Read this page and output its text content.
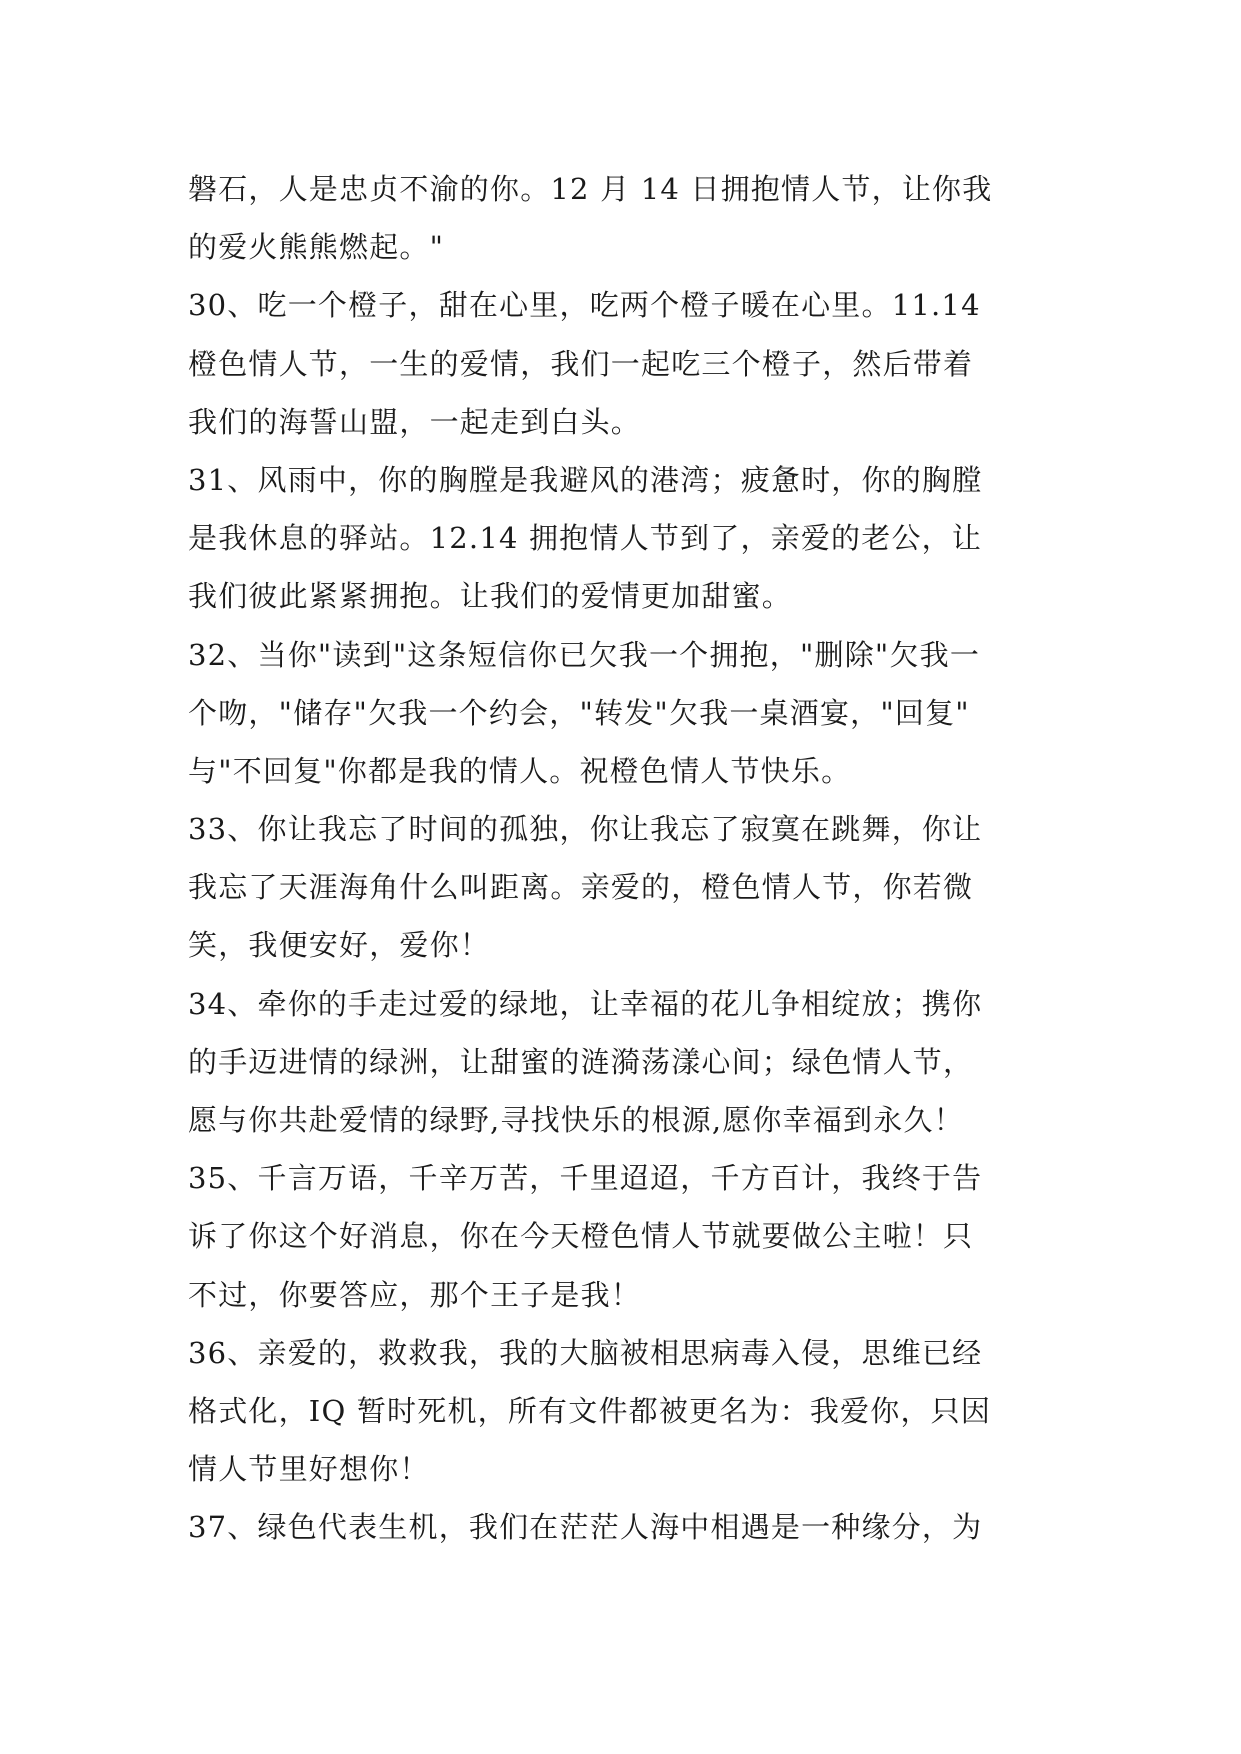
磐石，人是忠贞不渝的你。12 月 14 日拥抱情人节，让你我
的爱火熊熊燃起。"
30、吃一个橙子，甜在心里，吃两个橙子暖在心里。11.14
橙色情人节，一生的爱情，我们一起吃三个橙子，然后带着
我们的海誓山盟，一起走到白头。
31、风雨中，你的胸膛是我避风的港湾；疲惫时，你的胸膛
是我休息的驿站。12.14 拥抱情人节到了，亲爱的老公，让
我们彼此紧紧拥抱。让我们的爱情更加甜蜜。
32、当你"读到"这条短信你已欠我一个拥抱，"删除"欠我一
个吻，"储存"欠我一个约会，"转发"欠我一桌酒宴，"回复"
与"不回复"你都是我的情人。祝橙色情人节快乐。
33、你让我忘了时间的孤独，你让我忘了寂寞在跳舞，你让
我忘了天涯海角什么叫距离。亲爱的，橙色情人节，你若微
笑，我便安好，爱你！
34、牵你的手走过爱的绿地，让幸福的花儿争相绽放；携你
的手迈进情的绿洲，让甜蜜的涟漪荡漾心间；绿色情人节，
愿与你共赴爱情的绿野,寻找快乐的根源,愿你幸福到永久！
35、千言万语，千辛万苦，千里迢迢，千方百计，我终于告
诉了你这个好消息，你在今天橙色情人节就要做公主啦！只
不过，你要答应，那个王子是我！
36、亲爱的，救救我，我的大脑被相思病毒入侵，思维已经
格式化，IQ 暂时死机，所有文件都被更名为：我爱你，只因
情人节里好想你！
37、绿色代表生机，我们在茫茫人海中相遇是一种缘分，为
